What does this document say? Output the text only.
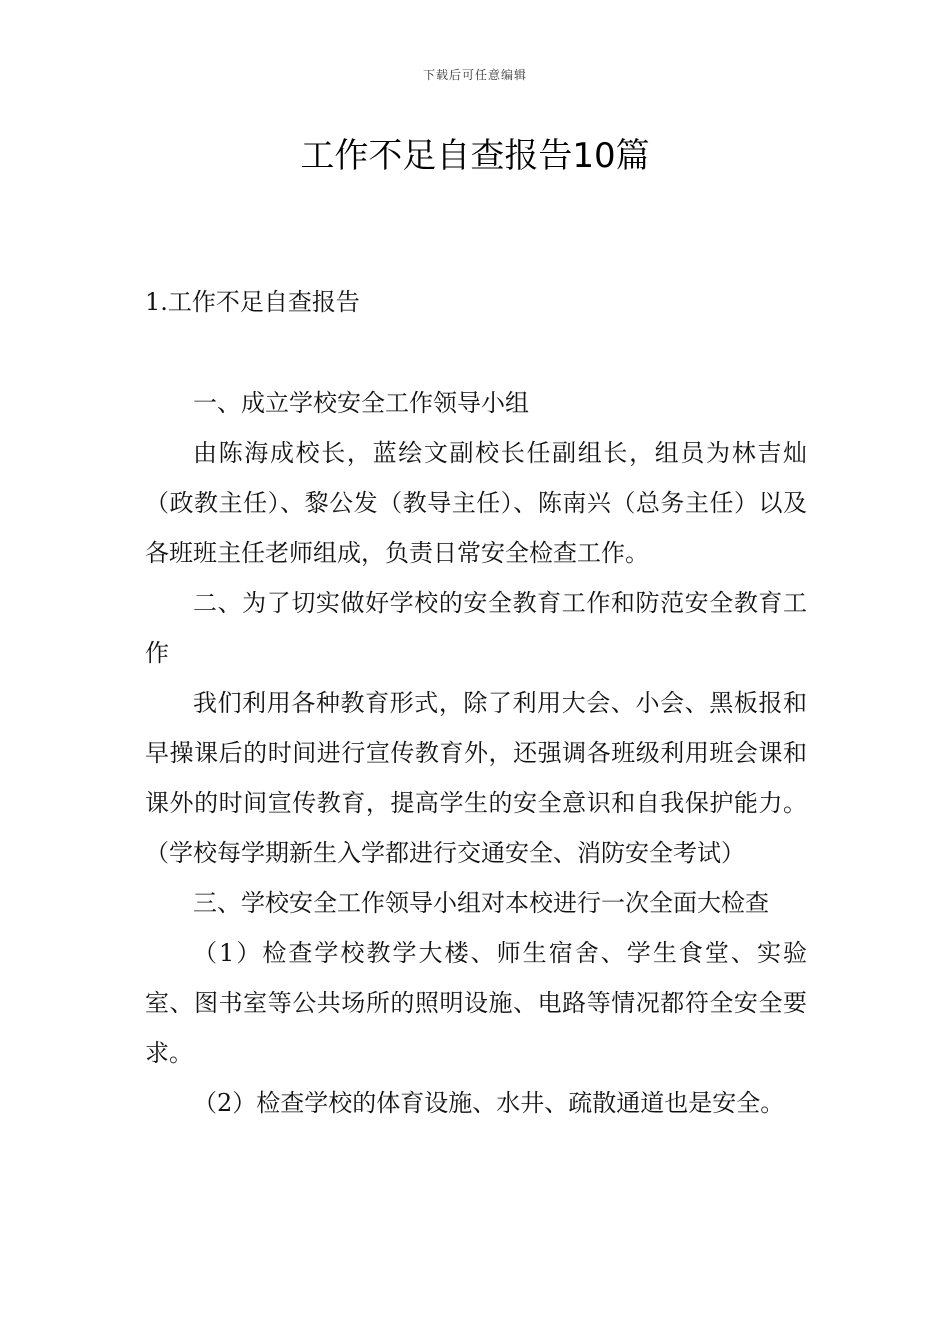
下载后可任意编辑
工作不足自查报告10篇
1.工作不足自查报告

一、成立学校安全工作领导小组

由陈海成校长，蓝绘文副校长任副组长，组员为林吉灿（政教主任）、黎公发（教导主任）、陈南兴（总务主任）以及各班班主任老师组成，负责日常安全检查工作。

二、为了切实做好学校的安全教育工作和防范安全教育工作

我们利用各种教育形式，除了利用大会、小会、黑板报和早操课后的时间进行宣传教育外，还强调各班级利用班会课和课外的时间宣传教育，提高学生的安全意识和自我保护能力。（学校每学期新生入学都进行交通安全、消防安全考试）

三、学校安全工作领导小组对本校进行一次全面大检查

（1）检查学校教学大楼、师生宿舍、学生食堂、实验室、图书室等公共场所的照明设施、电路等情况都符全安全要求。

（2）检查学校的体育设施、水井、疏散通道也是安全。
